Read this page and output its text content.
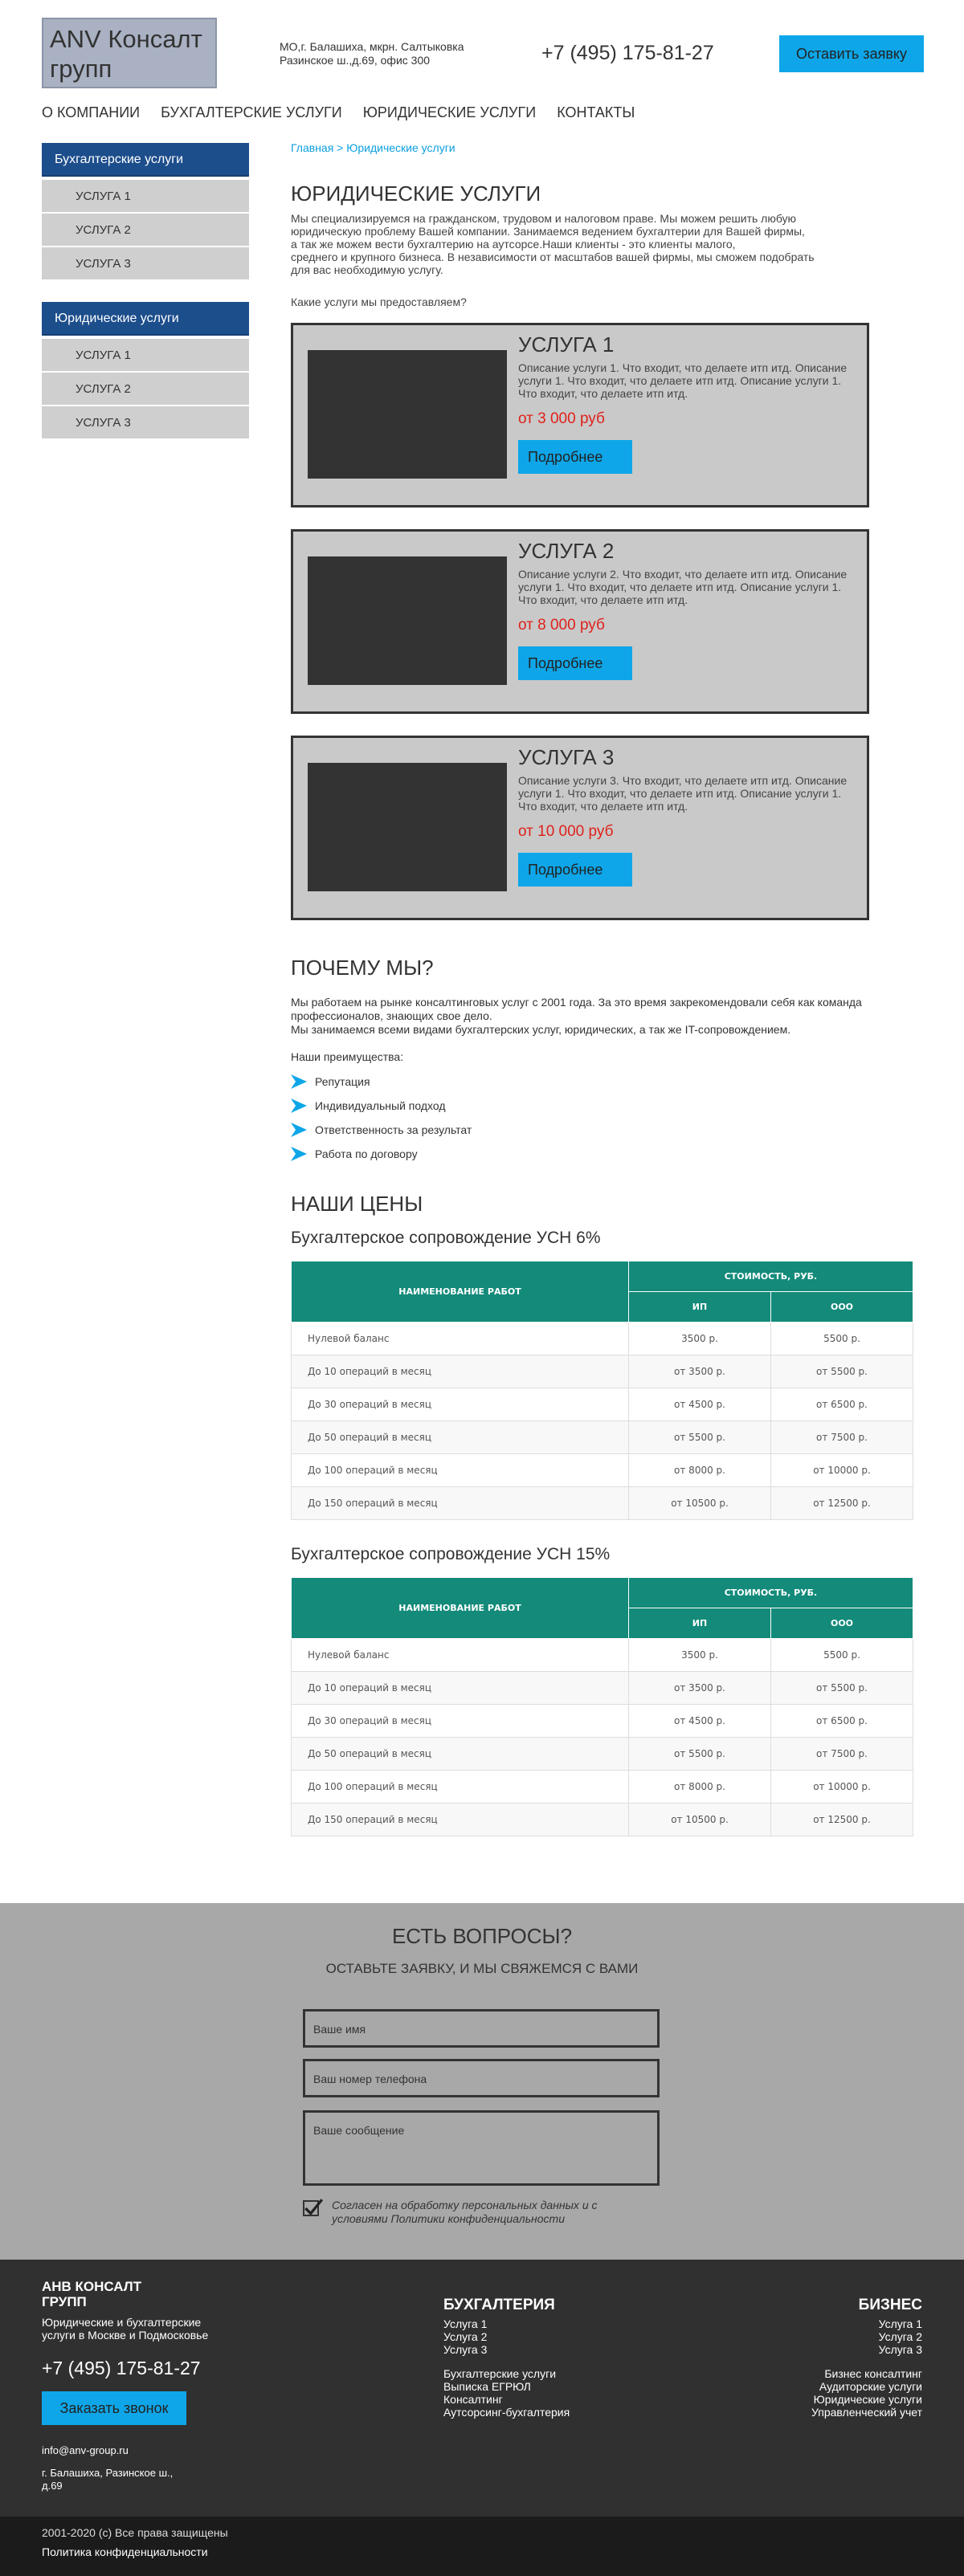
ANV Консалт групп
МО,г. Балашиха, мкрн. Салтыковка
Разинское ш.,д.69, офис 300	+7 (495) 175-81-27	Оставить заявку
О КОМПАНИИ БУХГАЛТЕРСКИЕ УСЛУГИ ЮРИДИЧЕСКИЕ УСЛУГИ КОНТАКТЫ
Бухгалтерские услуги
УСЛУГА 1
УСЛУГА 2
УСЛУГА 3
Юридические услуги
УСЛУГА 1
УСЛУГА 2
УСЛУГА 3
Главная > Юридические услуги
ЮРИДИЧЕСКИЕ УСЛУГИ
Мы специализируемся на гражданском, трудовом и налоговом праве. Мы можем решить любую
юридическую проблему Вашей компании. Занимаемся ведением бухгалтерии для Вашей фирмы,
а так же можем вести бухгалтерию на аутсорсе.Наши клиенты - это клиенты малого,
среднего и крупного бизнеса. В независимости от масштабов вашей фирмы, мы сможем подобрать
для вас необходимую услугу.
Какие услуги мы предоставляем?
УСЛУГА 1
Описание услуги 1. Что входит, что делаете итп итд. Описание услуги 1. Что входит, что делаете итп итд. Описание услуги 1. Что входит, что делаете итп итд.
от 3 000 руб
Подробнее
УСЛУГА 2
Описание услуги 2. Что входит, что делаете итп итд. Описание услуги 1. Что входит, что делаете итп итд. Описание услуги 1. Что входит, что делаете итп итд.
от 8 000 руб
Подробнее
УСЛУГА 3
Описание услуги 3. Что входит, что делаете итп итд. Описание услуги 1. Что входит, что делаете итп итд. Описание услуги 1. Что входит, что делаете итп итд.
от 10 000 руб
Подробнее
ПОЧЕМУ МЫ?
Мы работаем на рынке консалтинговых услуг с 2001 года. За это время закрекомендовали себя как команда
профессионалов, знающих свое дело.
Мы занимаемся всеми видами бухгалтерских услуг, юридических, а так же IT-сопровождением.
Наши преимущества:
Репутация
Индивидуальный подход
Ответственность за результат
Работа по договору
НАШИ ЦЕНЫ
Бухгалтерское сопровождение УСН 6%
НАИМЕНОВАНИЕ РАБОТ	СТОИМОСТЬ, РУБ.	
	ИП	ООО
Нулевой баланс	3500 р.	5500 р.
До 10 операций в месяц	от 3500 р.	от 5500 р.
До 30 операций в месяц	от 4500 р.	от 6500 р.
До 50 операций в месяц	от 5500 р.	от 7500 р.
До 100 операций в месяц	от 8000 р.	от 10000 р.
До 150 операций в месяц	от 10500 р.	от 12500 р.
Бухгалтерское сопровождение УСН 15%
НАИМЕНОВАНИЕ РАБОТ	СТОИМОСТЬ, РУБ.	
	ИП	ООО
Нулевой баланс	3500 р.	5500 р.
До 10 операций в месяц	от 3500 р.	от 5500 р.
До 30 операций в месяц	от 4500 р.	от 6500 р.
До 50 операций в месяц	от 5500 р.	от 7500 р.
До 100 операций в месяц	от 8000 р.	от 10000 р.
До 150 операций в месяц	от 10500 р.	от 12500 р.
ЕСТЬ ВОПРОСЫ?
ОСТАВЬТЕ ЗАЯВКУ, И МЫ СВЯЖЕМСЯ С ВАМИ
Ваше имя
Ваш номер телефона
Ваше сообщение
Согласен на обработку персональных данных и с
условиями Политики конфиденциальности
АНВ КОНСАЛТ
ГРУПП
Юридические и бухгалтерские
услуги в Москве и Подмосковье
+7 (495) 175-81-27
Заказать звонок
info@anv-group.ru
г. Балашиха, Разинское ш.,
д.69
БУХГАЛТЕРИЯ
Услуга 1
Услуга 2
Услуга 3
Бухгалтерские услуги
Выписка ЕГРЮЛ
Консалтинг
Аутсорсинг-бухгалтерия
БИЗНЕС
Услуга 1
Услуга 2
Услуга 3
Бизнес консалтинг
Аудиторские услуги
Юридические услуги
Управленческий учет
2001-2020 (c) Все права защищены
Политика конфиденциальности
